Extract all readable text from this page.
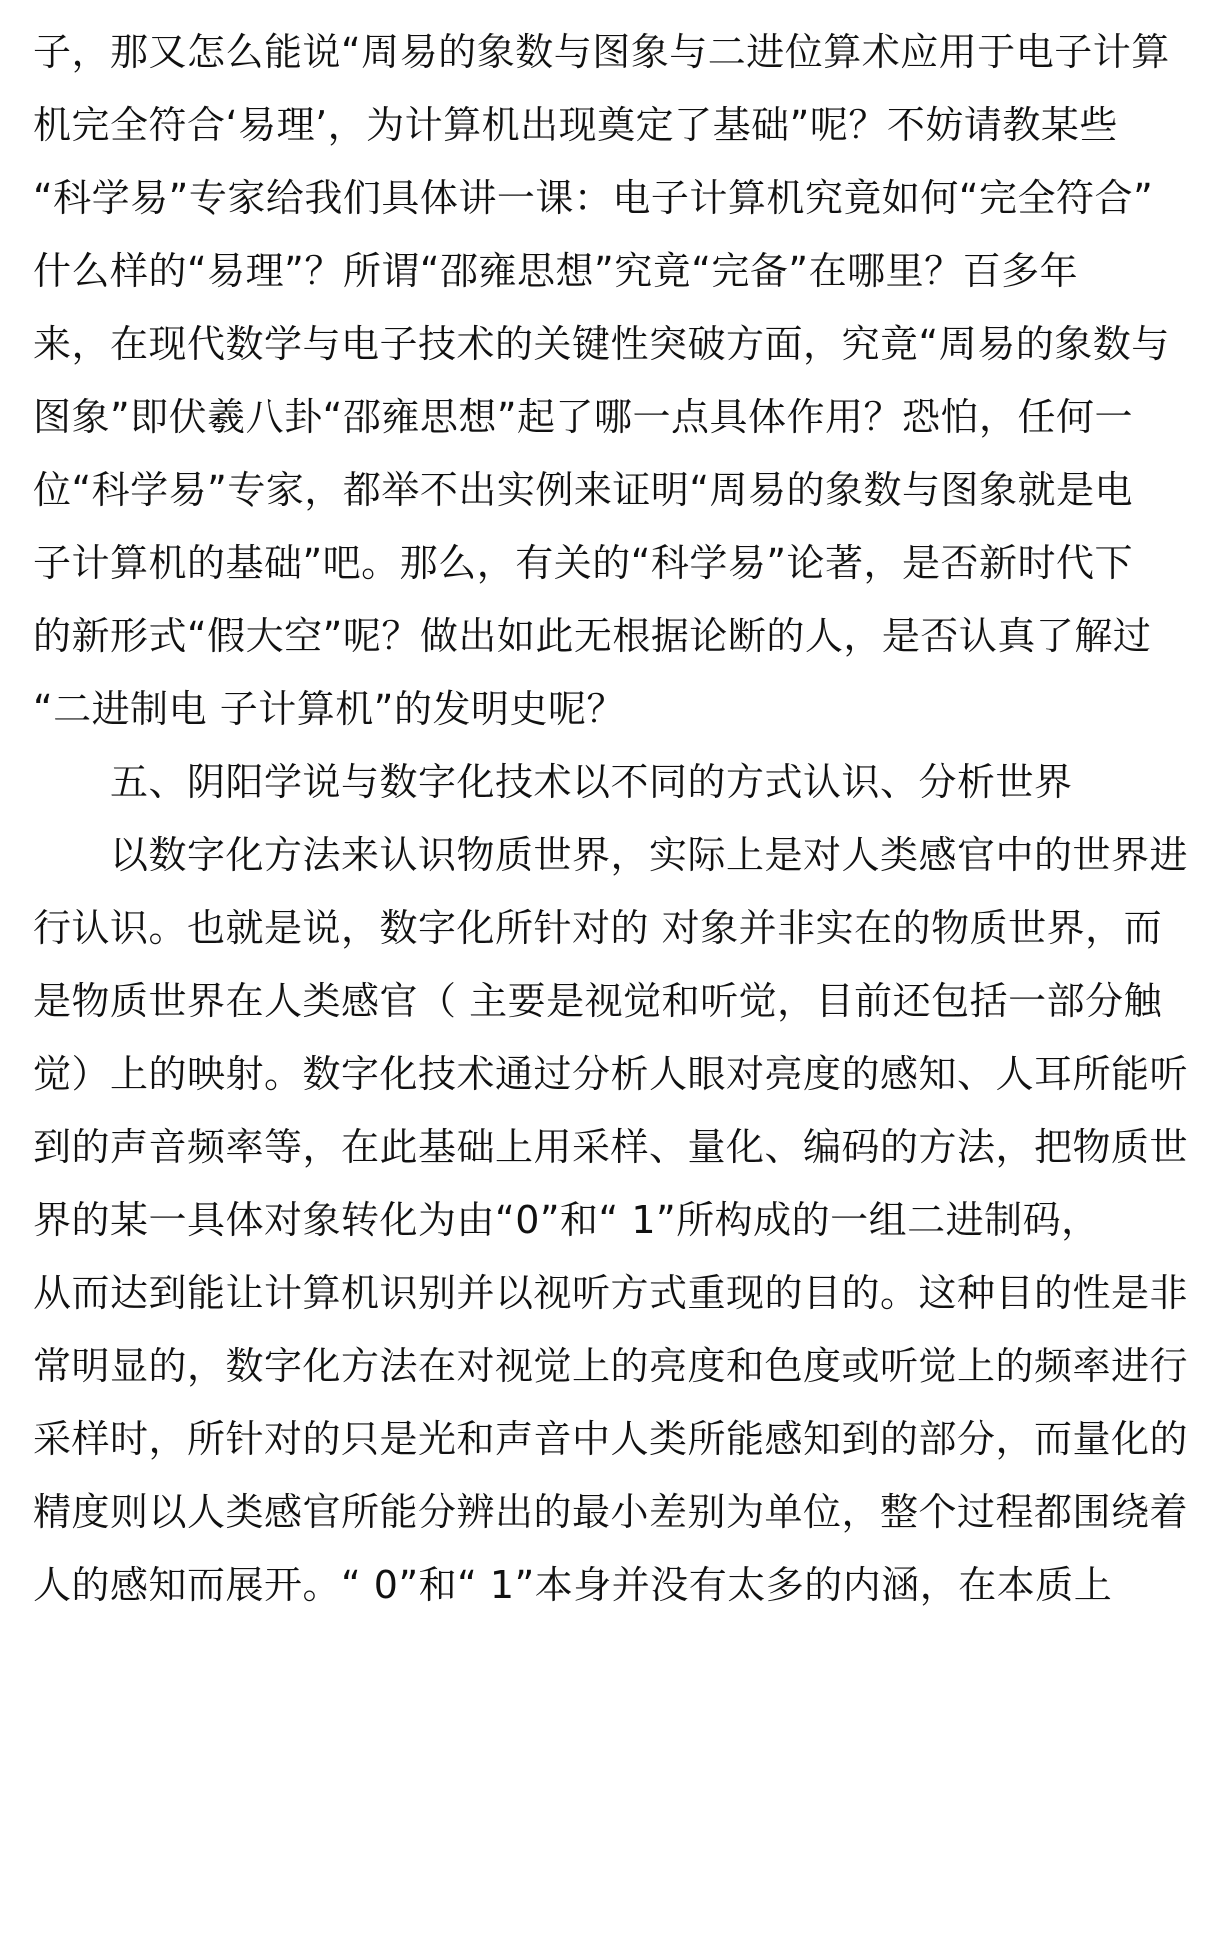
子，那又怎么能说“周易的象数与图象与二进位算术应用于电子计算
机完全符合‘易理’，为计算机出现奠定了基础”呢？不妨请教某些
“科学易”专家给我们具体讲一课：电子计算机究竟如何“完全符合”
什么样的“易理”？所谓“邵雍思想”究竟“完备”在哪里？百多年
来，在现代数学与电子技术的关键性突破方面，究竟“周易的象数与
图象”即伏羲八卦“邵雍思想”起了哪一点具体作用？恐怕，任何一
位“科学易”专家，都举不出实例来证明“周易的象数与图象就是电
子计算机的基础”吧。那么，有关的“科学易”论著，是否新时代下
的新形式“假大空”呢？做出如此无根据论断的人，是否认真了解过
“二进制电 子计算机”的发明史呢？
五、阴阳学说与数字化技术以不同的方式认识、分析世界
以数字化方法来认识物质世界，实际上是对人类感官中的世界进
行认识。也就是说，数字化所针对的 对象并非实在的物质世界，而
是物质世界在人类感官（ 主要是视觉和听觉，目前还包括一部分触
觉）上的映射。数字化技术通过分析人眼对亮度的感知、人耳所能听
到的声音频率等，在此基础上用采样、量化、编码的方法，把物质世
界的某一具体对象转化为由“0”和“ 1”所构成的一组二进制码，
从而达到能让计算机识别并以视听方式重现的目的。这种目的性是非
常明显的，数字化方法在对视觉上的亮度和色度或听觉上的频率进行
采样时，所针对的只是光和声音中人类所能感知到的部分，而量化的
精度则以人类感官所能分辨出的最小差别为单位，整个过程都围绕着
人的感知而展开。“ 0”和“ 1”本身并没有太多的内涵，在本质上
